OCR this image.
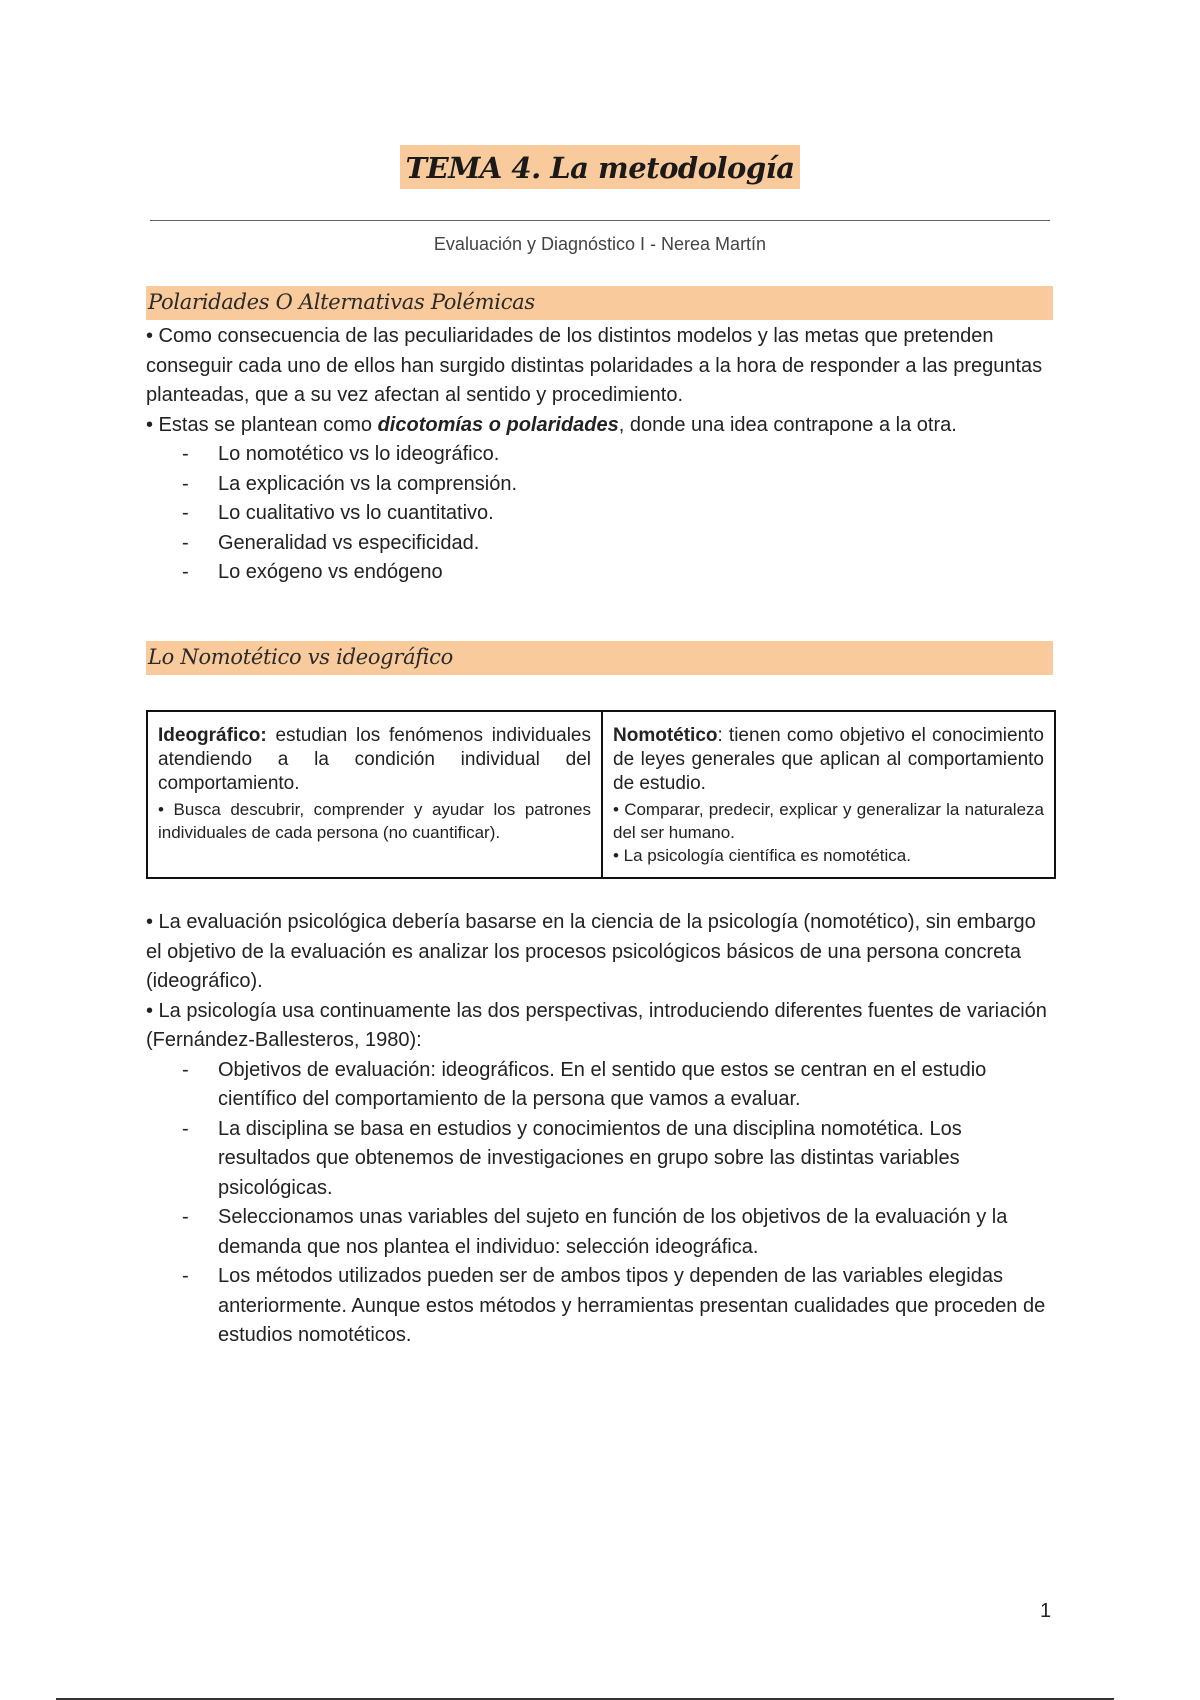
TEMA 4. La metodología
Evaluación y Diagnóstico I - Nerea Martín
Polaridades O Alternativas Polémicas

• Como consecuencia de las peculiaridades de los distintos modelos y las metas que pretenden conseguir cada uno de ellos han surgido distintas polaridades a la hora de responder a las preguntas planteadas, que a su vez afectan al sentido y procedimiento.

• Estas se plantean como dicotomías o polaridades, donde una idea contrapone a la otra.

- Lo nomotético vs lo ideográfico.
- La explicación vs la comprensión.
- Lo cualitativo vs lo cuantitativo.
- Generalidad vs especificidad.
- Lo exógeno vs endógeno
Lo Nomotético vs ideográfico
Ideográfico: estudian los fenómenos individuales atendiendo a la condición individual del comportamiento.
• Busca descubrir, comprender y ayudar los patrones individuales de cada persona (no cuantificar).
Nomotético: tienen como objetivo el conocimiento de leyes generales que aplican al comportamiento de estudio.
• Comparar, predecir, explicar y generalizar la naturaleza del ser humano.
• La psicología científica es nomotética.

• La evaluación psicológica debería basarse en la ciencia de la psicología (nomotético), sin embargo el objetivo de la evaluación es analizar los procesos psicológicos básicos de una persona concreta (ideográfico).

• La psicología usa continuamente las dos perspectivas, introduciendo diferentes fuentes de variación (Fernández-Ballesteros, 1980):

- Objetivos de evaluación: ideográficos. En el sentido que estos se centran en el estudio científico del comportamiento de la persona que vamos a evaluar.
- La disciplina se basa en estudios y conocimientos de una disciplina nomotética. Los resultados que obtenemos de investigaciones en grupo sobre las distintas variables psicológicas.
- Seleccionamos unas variables del sujeto en función de los objetivos de la evaluación y la demanda que nos plantea el individuo: selección ideográfica.
- Los métodos utilizados pueden ser de ambos tipos y dependen de las variables elegidas anteriormente. Aunque estos métodos y herramientas presentan cualidades que proceden de estudios nomotéticos.
1
